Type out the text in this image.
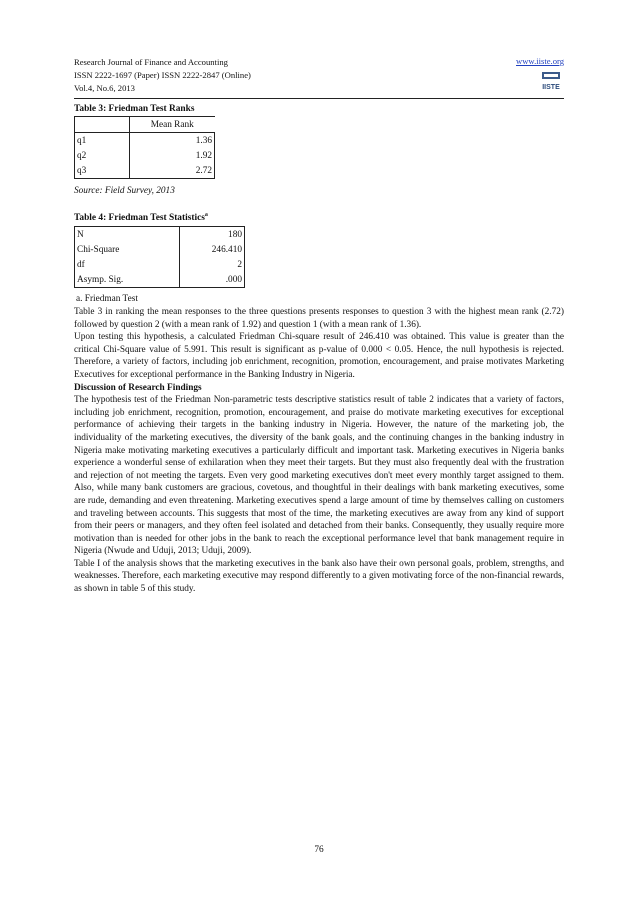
Research Journal of Finance and Accounting
ISSN 2222-1697 (Paper) ISSN 2222-2847 (Online)
Vol.4, No.6, 2013
www.iiste.org
IISTE
Table 3: Friedman Test Ranks
	Mean Rank
q1	1.36
q2	1.92
q3	2.72
Source: Field Survey, 2013
Table 4: Friedman Test Statistics$^a$
N	180
Chi-Square	246.410
df	2
Asymp. Sig.	.000
a. Friedman Test

Table 3 in ranking the mean responses to the three questions presents responses to question 3 with the highest mean rank (2.72) followed by question 2 (with a mean rank of 1.92) and question 1 (with a mean rank of 1.36).

Upon testing this hypothesis, a calculated Friedman Chi-square result of 246.410 was obtained. This value is greater than the critical Chi-Square value of 5.991. This result is significant as p-value of 0.000 < 0.05. Hence, the null hypothesis is rejected. Therefore, a variety of factors, including job enrichment, recognition, promotion, encouragement, and praise motivates Marketing Executives for exceptional performance in the Banking Industry in Nigeria.

Discussion of Research Findings

The hypothesis test of the Friedman Non-parametric tests descriptive statistics result of table 2 indicates that a variety of factors, including job enrichment, recognition, promotion, encouragement, and praise do motivate marketing executives for exceptional performance of achieving their targets in the banking industry in Nigeria. However, the nature of the marketing job, the individuality of the marketing executives, the diversity of the bank goals, and the continuing changes in the banking industry in Nigeria make motivating marketing executives a particularly difficult and important task. Marketing executives in Nigeria banks experience a wonderful sense of exhilaration when they meet their targets. But they must also frequently deal with the frustration and rejection of not meeting the targets. Even very good marketing executives don't meet every monthly target assigned to them. Also, while many bank customers are gracious, covetous, and thoughtful in their dealings with bank marketing executives, some are rude, demanding and even threatening. Marketing executives spend a large amount of time by themselves calling on customers and traveling between accounts. This suggests that most of the time, the marketing executives are away from any kind of support from their peers or managers, and they often feel isolated and detached from their banks. Consequently, they usually require more motivation than is needed for other jobs in the bank to reach the exceptional performance level that bank management require in Nigeria (Nwude and Uduji, 2013; Uduji, 2009).

Table I of the analysis shows that the marketing executives in the bank also have their own personal goals, problem, strengths, and weaknesses. Therefore, each marketing executive may respond differently to a given motivating force of the non-financial rewards, as shown in table 5 of this study.

76
